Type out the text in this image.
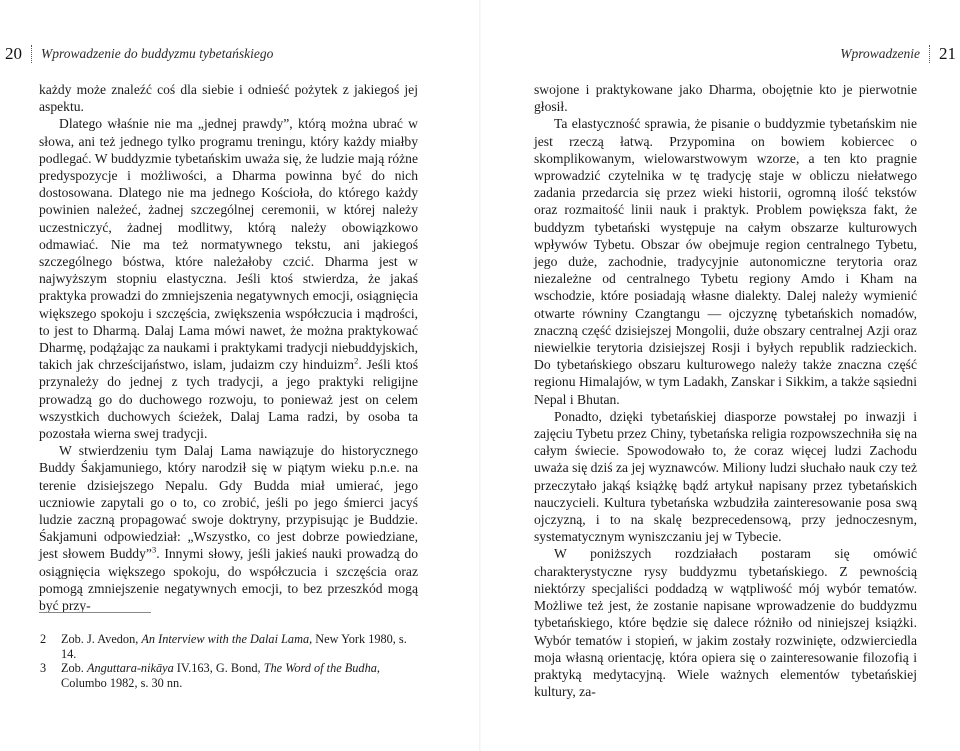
20 Wprowadzenie do buddyzmu tybetańskiego

każdy może znaleźć coś dla siebie i odnieść pożytek z jakiegoś jej aspektu.

Dlatego właśnie nie ma „jednej prawdy”, którą można ubrać w słowa, ani też jednego tylko programu treningu, który każdy miałby podlegać. W buddyzmie tybetańskim uważa się, że ludzie mają różne predyspozycje i możliwości, a Dharma powinna być do nich dostosowana. Dlatego nie ma jednego Kościoła, do którego każdy powinien należeć, żadnej szczególnej ceremonii, w której należy uczestniczyć, żadnej modlitwy, którą należy obowiązkowo odmawiać. Nie ma też normatywnego tekstu, ani jakiegoś szczególnego bóstwa, które należałoby czcić. Dharma jest w najwyższym stopniu elastyczna. Jeśli ktoś stwierdza, że jakaś praktyka prowadzi do zmniejszenia negatywnych emocji, osiągnięcia większego spokoju i szczęścia, zwiększenia współczucia i mądrości, to jest to Dharmą. Dalaj Lama mówi nawet, że można praktykować Dharmę, podążając za naukami i praktykami tradycji niebuddyjskich, takich jak chrześcijaństwo, islam, judaizm czy hinduizm$^2$. Jeśli ktoś przynależy do jednej z tych tradycji, a jego praktyki religijne prowadzą go do duchowego rozwoju, to ponieważ jest on celem wszystkich duchowych ścieżek, Dalaj Lama radzi, by osoba ta pozostała wierna swej tradycji.

W stwierdzeniu tym Dalaj Lama nawiązuje do historycznego Buddy Śakjamuniego, który narodził się w piątym wieku p.n.e. na terenie dzisiejszego Nepalu. Gdy Budda miał umierać, jego uczniowie zapytali go o to, co zrobić, jeśli po jego śmierci jacyś ludzie zaczną propagować swoje doktryny, przypisując je Buddzie. Śakjamuni odpowiedział: „Wszystko, co jest dobrze powiedziane, jest słowem Buddy”$^3$. Innymi słowy, jeśli jakieś nauki prowadzą do osiągnięcia większego spokoju, do współczucia i szczęścia oraz pomogą zmniejszenie negatywnych emocji, to bez przeszkód mogą być przy-

2	Zob. J. Avedon, An Interview with the Dalai Lama, New York 1980, s. 14.
3	Zob. Anguttara-nikāya IV.163, G. Bond, The Word of the Budha, Columbo 1982, s. 30 nn.
Wprowadzenie 21

swojone i praktykowane jako Dharma, obojętnie kto je pierwotnie głosił.

Ta elastyczność sprawia, że pisanie o buddyzmie tybetańskim nie jest rzeczą łatwą. Przypomina on bowiem kobiercec o skomplikowanym, wielowarstwowym wzorze, a ten kto pragnie wprowadzić czytelnika w tę tradycję staje w obliczu niełatwego zadania przedarcia się przez wieki historii, ogromną ilość tekstów oraz rozmaitość linii nauk i praktyk. Problem powiększa fakt, że buddyzm tybetański występuje na całym obszarze kulturowych wpływów Tybetu. Obszar ów obejmuje region centralnego Tybetu, jego duże, zachodnie, tradycyjnie autonomiczne terytoria oraz niezależne od centralnego Tybetu regiony Amdo i Kham na wschodzie, które posiadają własne dialekty. Dalej należy wymienić otwarte równiny Czangtangu — ojczyznę tybetańskich nomadów, znaczną część dzisiejszej Mongolii, duże obszary centralnej Azji oraz niewielkie terytoria dzisiejszej Rosji i byłych republik radzieckich. Do tybetańskiego obszaru kulturowego należy także znaczna część regionu Himalajów, w tym Ladakh, Zanskar i Sikkim, a także sąsiedni Nepal i Bhutan.

Ponadto, dzięki tybetańskiej diasporze powstałej po inwazji i zajęciu Tybetu przez Chiny, tybetańska religia rozpowszechniła się na całym świecie. Spowodowało to, że coraz więcej ludzi Zachodu uważa się dziś za jej wyznawców. Miliony ludzi słuchało nauk czy też przeczytało jakąś książkę bądź artykuł napisany przez tybetańskich nauczycieli. Kultura tybetańska wzbudziła zainteresowanie posa swą ojczyzną, i to na skalę bezprecedensową, przy jednoczesnym, systematycznym wyniszczaniu jej w Tybecie.

W poniższych rozdziałach postaram się omówić charakterystyczne rysy buddyzmu tybetańskiego. Z pewnością niektórzy specjaliści poddadzą w wątpliwość mój wybór tematów. Możliwe też jest, że zostanie napisane wprowadzenie do buddyzmu tybetańskiego, które będzie się dalece różniło od niniejszej książki. Wybór tematów i stopień, w jakim zostały rozwinięte, odzwierciedla moja własną orientację, która opiera się o zainteresowanie filozofią i praktyką medytacyjną. Wiele ważnych elementów tybetańskiej kultury, za-
